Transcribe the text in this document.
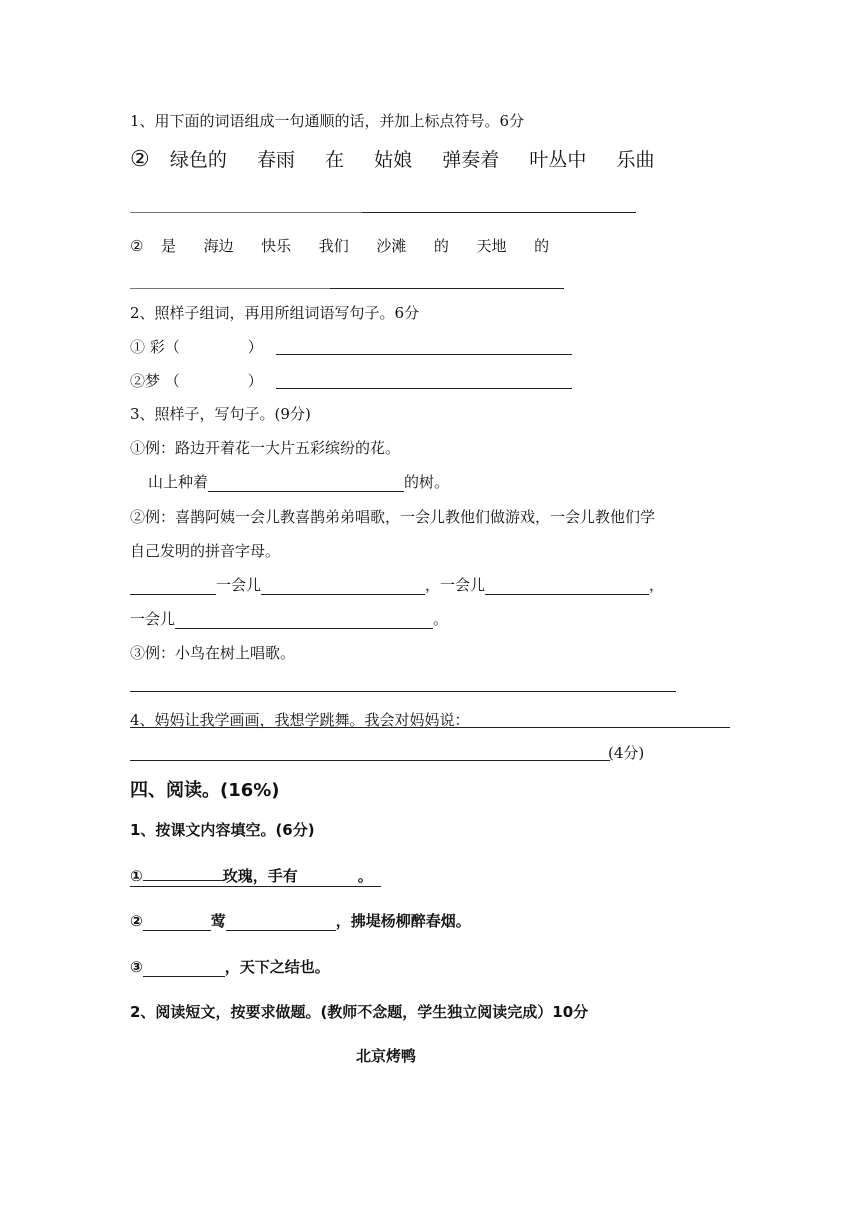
1、用下面的词语组成一句通顺的话，并加上标点符号。6分
② 绿色的 春雨 在 姑娘 弹奏着 叶丛中 乐曲
② 是 海边 快乐 我们 沙滩 的 天地 的
2、照样子组词，再用所组词语写句子。6分
① 彩（	）
②梦 （	）
3、照样子，写句子。(9分)
①例：路边开着花一大片五彩缤纷的花。
山上种着	的树。
②例：喜鹊阿姨一会儿教喜鹊弟弟唱歌，一会儿教他们做游戏，一会儿教他们学
自己发明的拼音字母。
一会儿	，一会儿	，
一会儿	。
③例：小鸟在树上唱歌。
4、妈妈让我学画画，我想学跳舞。我会对妈妈说：
(4分)
四、阅读。(16%)
1、按课文内容填空。(6分)
①	玫瑰，手有	。
②	莺	，拂堤杨柳醉春烟。
③	，天下之结也。
2、阅读短文，按要求做题。(教师不念题，学生独立阅读完成）10分
北京烤鸭
